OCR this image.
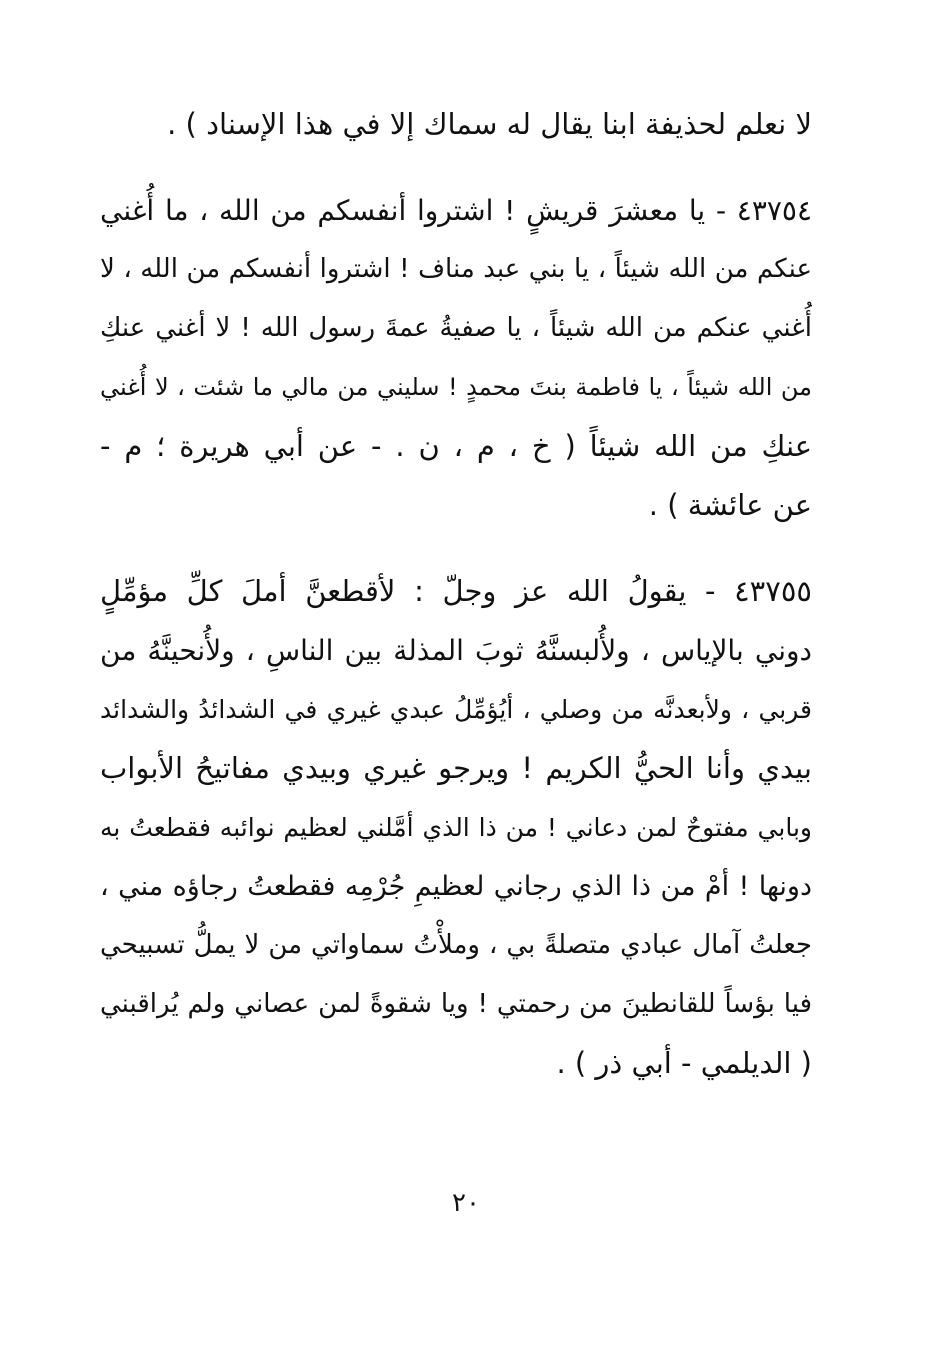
لا نعلم لحذيفة ابنا يقال له سماك إلا في هذا الإسناد ) .
٤٣٧٥٤ - يا معشرَ قريشٍ ! اشتروا أنفسكم من الله ، ما أُغني
عنكم من الله شيئاً ، يا بني عبد مناف ! اشتروا أنفسكم من الله ، لا
أُغني عنكم من الله شيئاً ، يا صفيةُ عمةَ رسول الله ! لا أغني عنكِ
من الله شيئاً ، يا فاطمة بنتَ محمدٍ ! سليني من مالي ما شئت ، لا أُغني
عنكِ من الله شيئاً ( خ ، م ، ن . - عن أبي هريرة ؛ م -
عن عائشة ) .
٤٣٧٥٥ - يقولُ الله عز وجلّ : لأقطعنَّ أملَ كلِّ مؤمِّلٍ
دوني بالإياس ، ولأُلبسنَّهُ ثوبَ المذلة بين الناسِ ، ولأُنحينَّهُ من
قربي ، ولأبعدنَّه من وصلي ، أيُؤمِّلُ عبدي غيري في الشدائدُ والشدائد
بيدي وأنا الحيُّ الكريم ! ويرجو غيري وبيدي مفاتيحُ الأبواب
وبابي مفتوحٌ لمن دعاني ! من ذا الذي أمَّلني لعظيم نوائبه فقطعتُ به
دونها ! أمْ من ذا الذي رجاني لعظيمِ جُرْمِه فقطعتُ رجاؤه مني ،
جعلتُ آمال عبادي متصلةً بي ، وملأْتُ سماواتي من لا يملُّ تسبيحي
فيا بؤساً للقانطينَ من رحمتي ! ويا شقوةً لمن عصاني ولم يُراقبني
( الديلمي - أبي ذر ) .
٢٠
